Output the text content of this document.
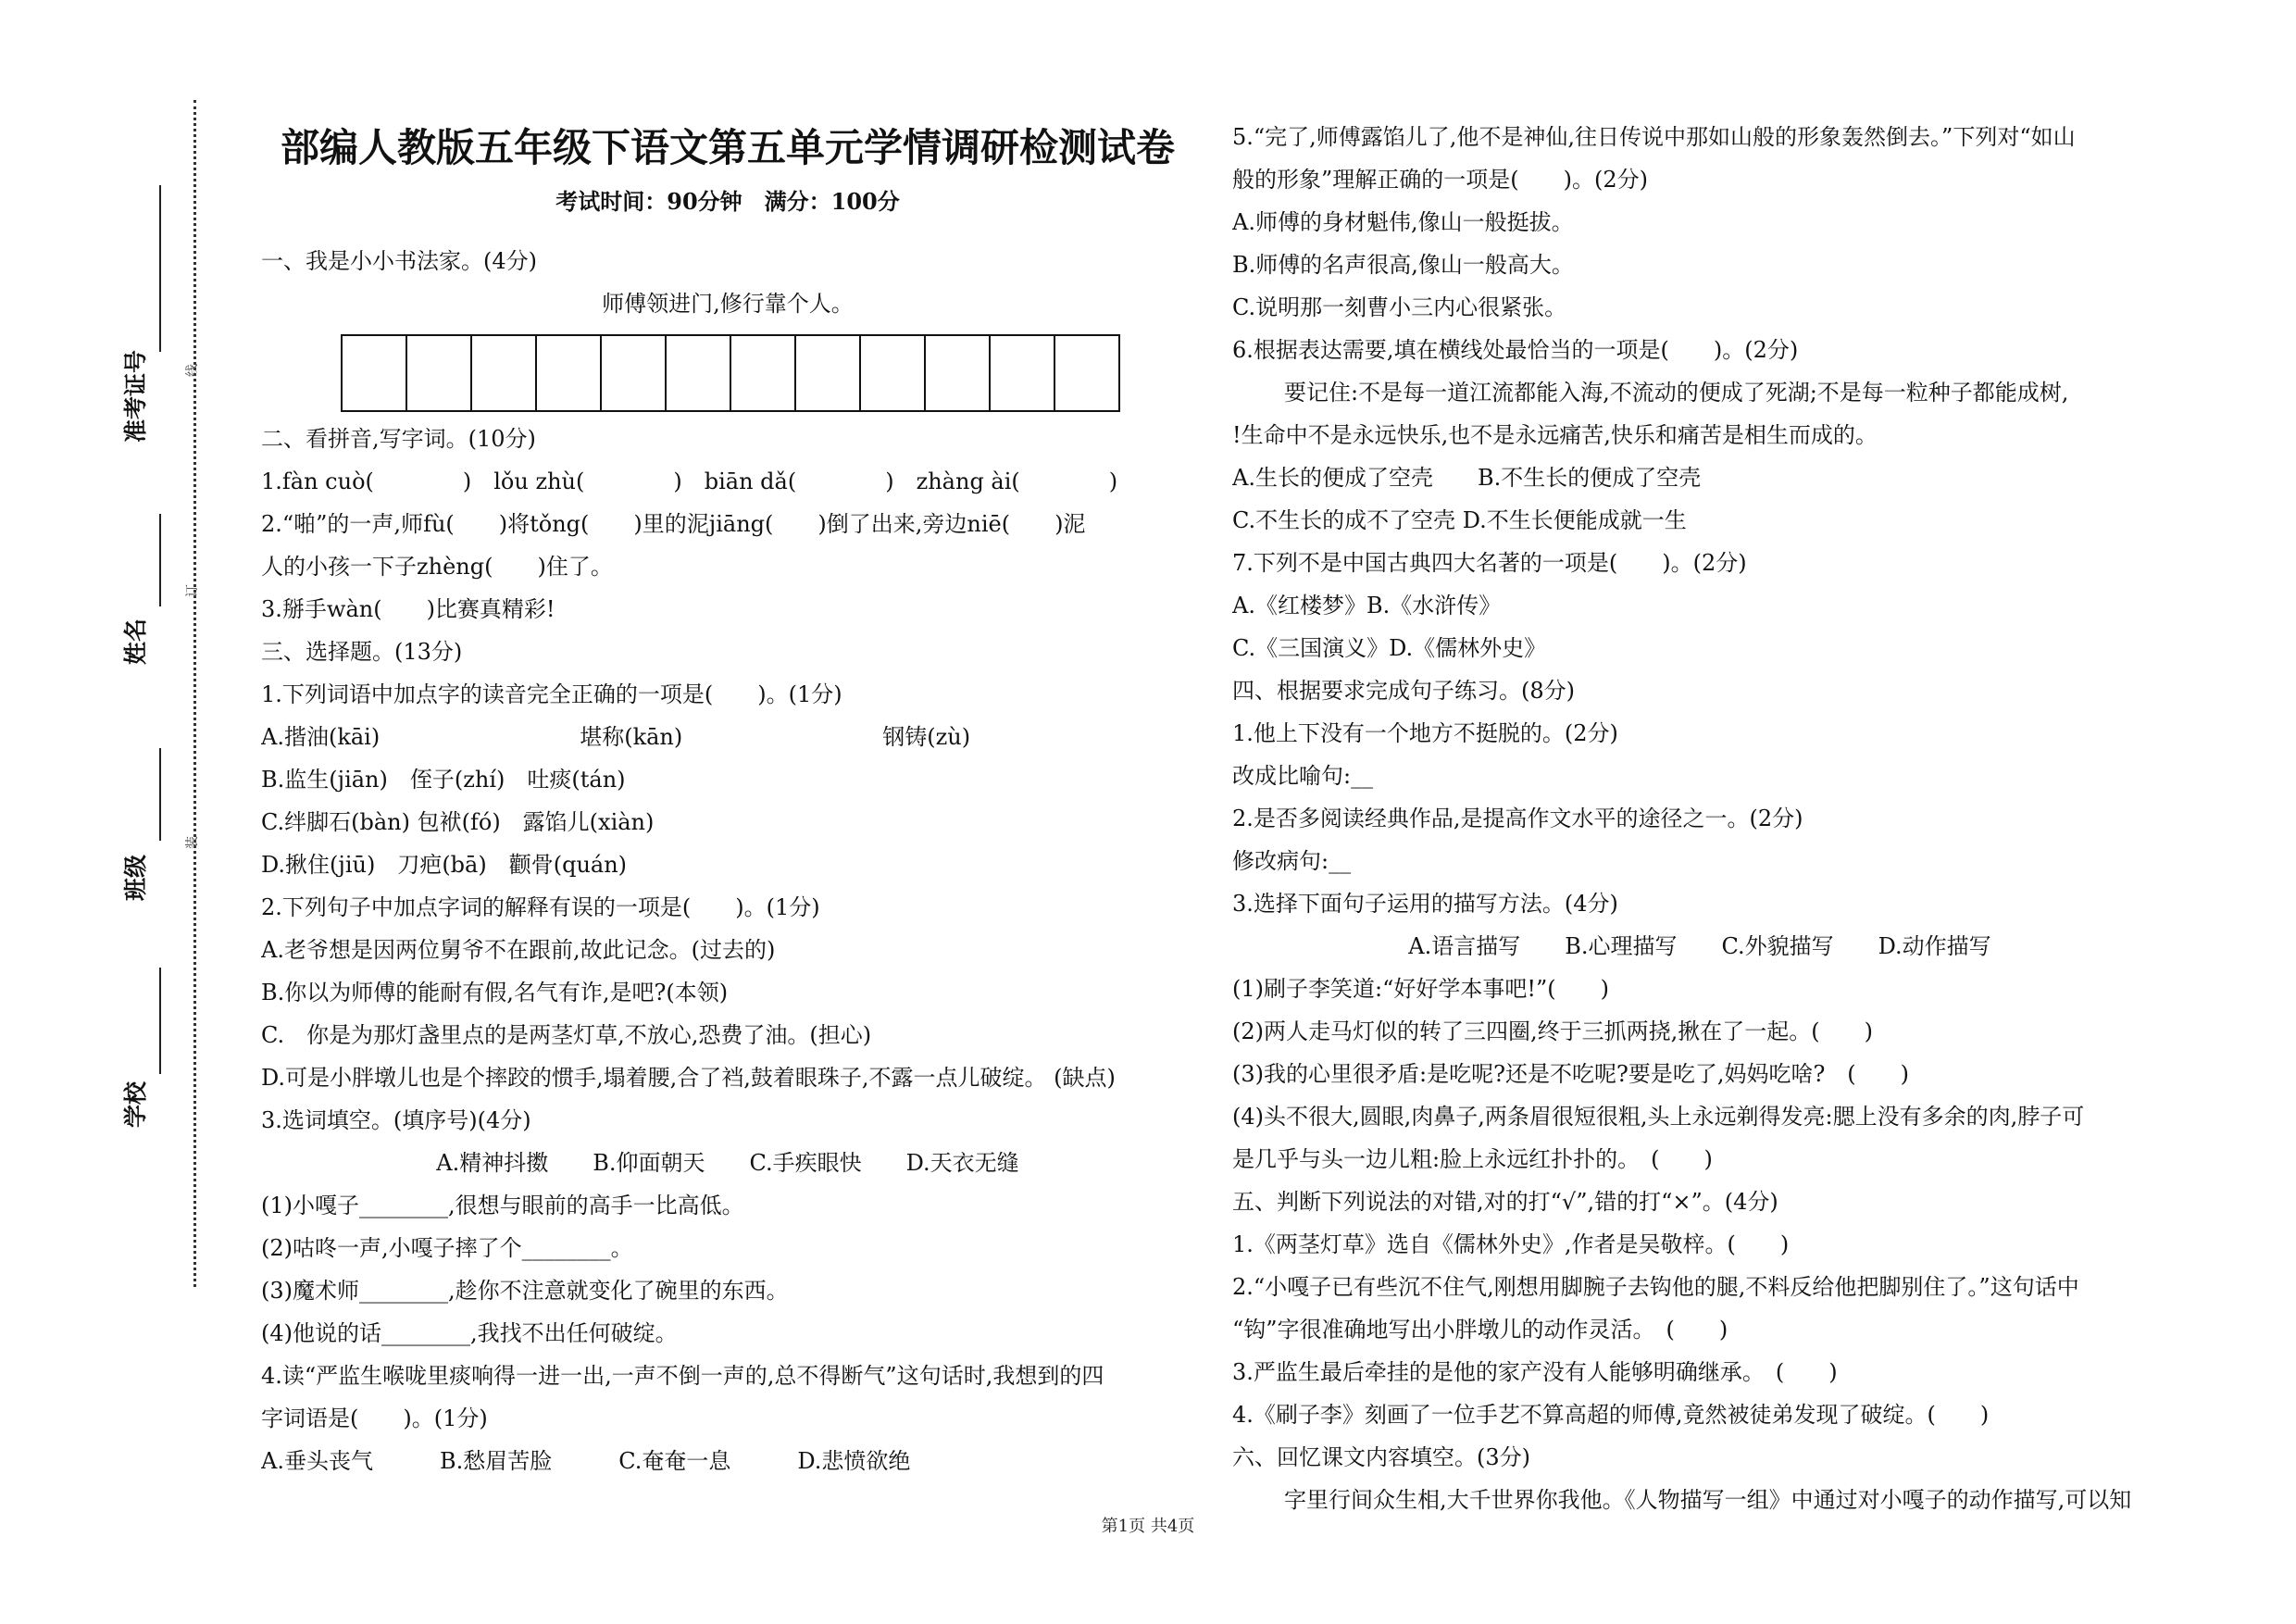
线
订
装
准考证号
姓名
班级
学校
部编人教版五年级下语文第五单元学情调研检测试卷
考试时间：90分钟　满分：100分
一、我是小小书法家。(4分)
师傅领进门,修行靠个人。
二、看拼音,写字词。(10分)
1.fàn cuò(　　　　)　lǒu zhù(　　　　)　biān dǎ(　　　　)　zhàng ài(　　　　)
2.“啪”的一声,师fù(　　)将tǒng(　　)里的泥jiāng(　　)倒了出来,旁边niē(　　)泥
人的小孩一下子zhèng(　　)住了。
3.掰手wàn(　　)比赛真精彩!
三、选择题。(13分)
1.下列词语中加点字的读音完全正确的一项是(　　)。(1分)
A.揩油(kāi)　　　　　　　　　堪称(kān)　　　　　　　　　钢铸(zù)
B.监生(jiān)　侄子(zhí)　吐痰(tán)
C.绊脚石(bàn) 包袱(fó)　露馅儿(xiàn)
D.揪住(jiū)　刀疤(bā)　颧骨(quán)
2.下列句子中加点字词的解释有误的一项是(　　)。(1分)
A.老爷想是因两位舅爷不在跟前,故此记念。(过去的)
B.你以为师傅的能耐有假,名气有诈,是吧?(本领)
C.　你是为那灯盏里点的是两茎灯草,不放心,恐费了油。(担心)
D.可是小胖墩儿也是个摔跤的惯手,塌着腰,合了裆,鼓着眼珠子,不露一点儿破绽。 (缺点)
3.选词填空。(填序号)(4分)
A.精神抖擞　　B.仰面朝天　　C.手疾眼快　　D.天衣无缝
(1)小嘎子________,很想与眼前的高手一比高低。
(2)咕咚一声,小嘎子摔了个________。
(3)魔术师________,趁你不注意就变化了碗里的东西。
(4)他说的话________,我找不出任何破绽。
4.读“严监生喉咙里痰响得一进一出,一声不倒一声的,总不得断气”这句话时,我想到的四
字词语是(　　)。(1分)
A.垂头丧气　　　B.愁眉苦脸　　　C.奄奄一息　　　D.悲愤欲绝
5.“完了,师傅露馅儿了,他不是神仙,往日传说中那如山般的形象轰然倒去。”下列对“如山
般的形象”理解正确的一项是(　　)。(2分)
A.师傅的身材魁伟,像山一般挺拔。
B.师傅的名声很高,像山一般高大。
C.说明那一刻曹小三内心很紧张。
6.根据表达需要,填在横线处最恰当的一项是(　　)。(2分)
要记住:不是每一道江流都能入海,不流动的便成了死湖;不是每一粒种子都能成树,
!生命中不是永远快乐,也不是永远痛苦,快乐和痛苦是相生而成的。
A.生长的便成了空壳　　B.不生长的便成了空壳
C.不生长的成不了空壳 D.不生长便能成就一生
7.下列不是中国古典四大名著的一项是(　　)。(2分)
A.《红楼梦》B.《水浒传》
C.《三国演义》D.《儒林外史》
四、根据要求完成句子练习。(8分)
1.他上下没有一个地方不挺脱的。(2分)
改成比喻句:__
2.是否多阅读经典作品,是提高作文水平的途径之一。(2分)
修改病句:__
3.选择下面句子运用的描写方法。(4分)
A.语言描写　　B.心理描写　　C.外貌描写　　D.动作描写
(1)刷子李笑道:“好好学本事吧!”(　　)
(2)两人走马灯似的转了三四圈,终于三抓两挠,揪在了一起。(　　)
(3)我的心里很矛盾:是吃呢?还是不吃呢?要是吃了,妈妈吃啥?　(　　)
(4)头不很大,圆眼,肉鼻子,两条眉很短很粗,头上永远剃得发亮:腮上没有多余的肉,脖子可
是几乎与头一边儿粗:脸上永远红扑扑的。　(　　)
五、判断下列说法的对错,对的打“√”,错的打“×”。(4分)
1.《两茎灯草》选自《儒林外史》,作者是吴敬梓。(　　)
2.“小嘎子已有些沉不住气,刚想用脚腕子去钩他的腿,不料反给他把脚别住了。”这句话中
“钩”字很准确地写出小胖墩儿的动作灵活。　(　　)
3.严监生最后牵挂的是他的家产没有人能够明确继承。　(　　)
4.《刷子李》刻画了一位手艺不算高超的师傅,竟然被徒弟发现了破绽。(　　)
六、回忆课文内容填空。(3分)
字里行间众生相,大千世界你我他。《人物描写一组》中通过对小嘎子的动作描写,可以知
第1页 共4页
